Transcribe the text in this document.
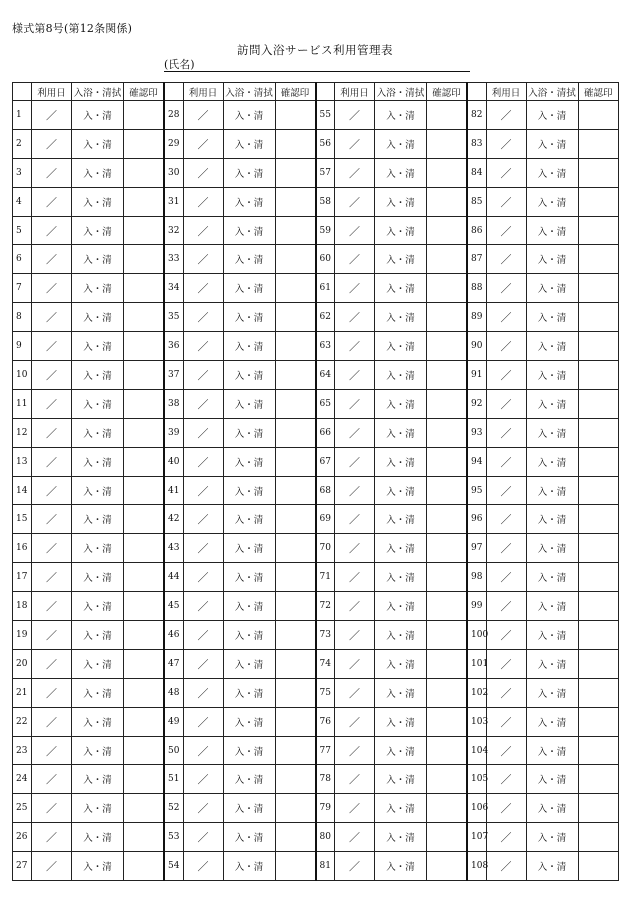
様式第8号(第12条関係)
訪問入浴サービス利用管理表
(氏名)
	利用日	入浴・清拭	確認印		利用日	入浴・清拭	確認印		利用日	入浴・清拭	確認印		利用日	入浴・清拭	確認印
1	／	入・清		28	／	入・清		55	／	入・清		82	／	入・清	
2	／	入・清		29	／	入・清		56	／	入・清		83	／	入・清	
3	／	入・清		30	／	入・清		57	／	入・清		84	／	入・清	
4	／	入・清		31	／	入・清		58	／	入・清		85	／	入・清	
5	／	入・清		32	／	入・清		59	／	入・清		86	／	入・清	
6	／	入・清		33	／	入・清		60	／	入・清		87	／	入・清	
7	／	入・清		34	／	入・清		61	／	入・清		88	／	入・清	
8	／	入・清		35	／	入・清		62	／	入・清		89	／	入・清	
9	／	入・清		36	／	入・清		63	／	入・清		90	／	入・清	
10	／	入・清		37	／	入・清		64	／	入・清		91	／	入・清	
11	／	入・清		38	／	入・清		65	／	入・清		92	／	入・清	
12	／	入・清		39	／	入・清		66	／	入・清		93	／	入・清	
13	／	入・清		40	／	入・清		67	／	入・清		94	／	入・清	
14	／	入・清		41	／	入・清		68	／	入・清		95	／	入・清	
15	／	入・清		42	／	入・清		69	／	入・清		96	／	入・清	
16	／	入・清		43	／	入・清		70	／	入・清		97	／	入・清	
17	／	入・清		44	／	入・清		71	／	入・清		98	／	入・清	
18	／	入・清		45	／	入・清		72	／	入・清		99	／	入・清	
19	／	入・清		46	／	入・清		73	／	入・清		100	／	入・清	
20	／	入・清		47	／	入・清		74	／	入・清		101	／	入・清	
21	／	入・清		48	／	入・清		75	／	入・清		102	／	入・清	
22	／	入・清		49	／	入・清		76	／	入・清		103	／	入・清	
23	／	入・清		50	／	入・清		77	／	入・清		104	／	入・清	
24	／	入・清		51	／	入・清		78	／	入・清		105	／	入・清	
25	／	入・清		52	／	入・清		79	／	入・清		106	／	入・清	
26	／	入・清		53	／	入・清		80	／	入・清		107	／	入・清	
27	／	入・清		54	／	入・清		81	／	入・清		108	／	入・清	
